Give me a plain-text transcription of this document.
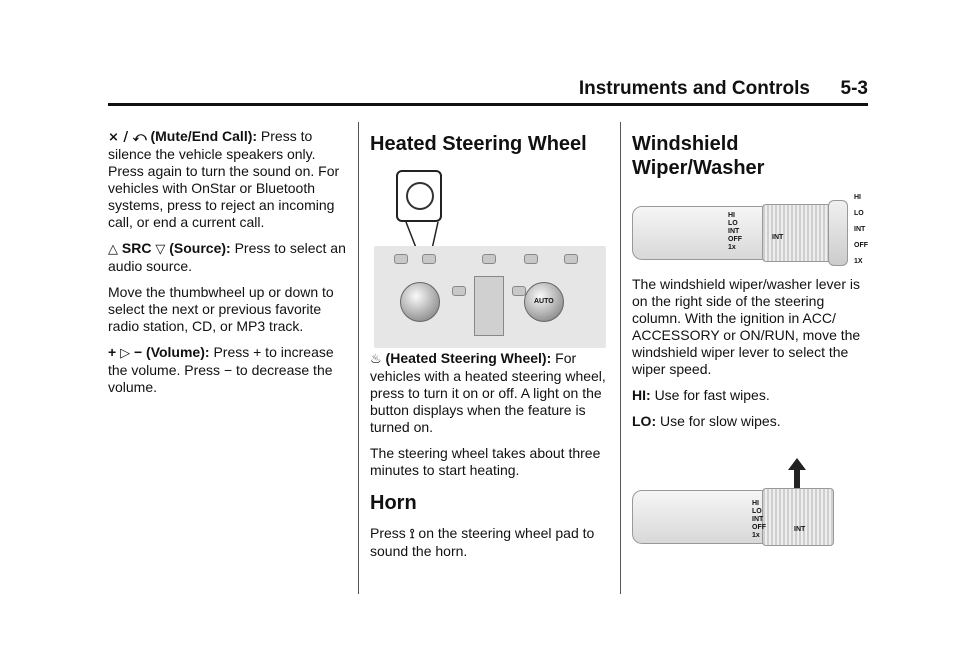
Instruments and Controls 5-3

⨯ / ⤺ (Mute/End Call): Press to silence the vehicle speakers only. Press again to turn the sound on. For vehicles with OnStar or Bluetooth systems, press to reject an incoming call, or end a current call.

△ SRC ▽ (Source): Press to select an audio source.

Move the thumbwheel up or down to select the next or previous favorite radio station, CD, or MP3 track.

+ ▷ − (Volume): Press + to increase the volume. Press − to decrease the volume.

Heated Steering Wheel
AUTO

♨ (Heated Steering Wheel): For vehicles with a heated steering wheel, press to turn it on or off. A light on the button displays when the feature is turned on.

The steering wheel takes about three minutes to start heating.

Horn

Press ⟟ on the steering wheel pad to sound the horn.

Windshield Wiper/Washer
HI
LO
INT
OFF
1x
INT
HI
LO
INT
OFF
1X

The windshield wiper/washer lever is on the right side of the steering column. With the ignition in ACC/ ACCESSORY or ON/RUN, move the windshield wiper lever to select the wiper speed.

HI: Use for fast wipes.

LO: Use for slow wipes.

HI
LO
INT
OFF
1x
INT
